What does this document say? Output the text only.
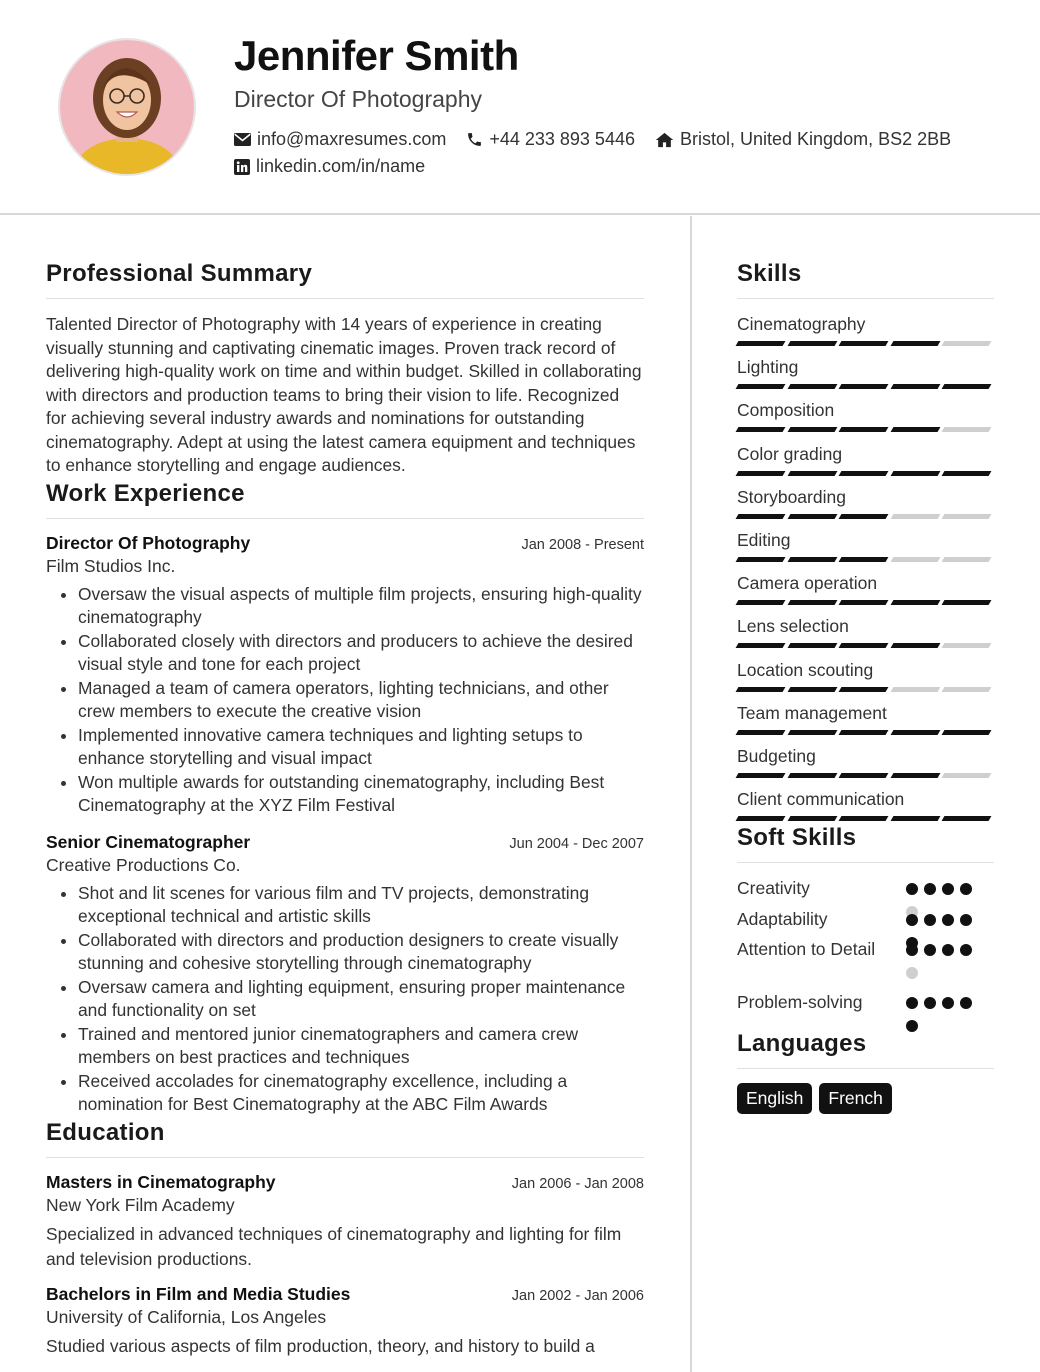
Jennifer Smith
Director Of Photography
info@maxresumes.com +44 233 893 5446	Bristol, United Kingdom, BS2 2BB
linkedin.com/in/name
Professional Summary

Talented Director of Photography with 14 years of experience in creating visually stunning and captivating cinematic images. Proven track record of delivering high-quality work on time and within budget. Skilled in collaborating with directors and production teams to bring their vision to life. Recognized for achieving several industry awards and nominations for outstanding cinematography. Adept at using the latest camera equipment and techniques to enhance storytelling and engage audiences.

Work Experience
Director Of Photography	Jan 2008 - Present
Film Studios Inc.
• Oversaw the visual aspects of multiple film projects, ensuring high-quality cinematography
• Collaborated closely with directors and producers to achieve the desired visual style and tone for each project
• Managed a team of camera operators, lighting technicians, and other crew members to execute the creative vision
• Implemented innovative camera techniques and lighting setups to enhance storytelling and visual impact
• Won multiple awards for outstanding cinematography, including Best Cinematography at the XYZ Film Festival
Senior Cinematographer	Jun 2004 - Dec 2007
Creative Productions Co.
• Shot and lit scenes for various film and TV projects, demonstrating exceptional technical and artistic skills
• Collaborated with directors and production designers to create visually stunning and cohesive storytelling through cinematography
• Oversaw camera and lighting equipment, ensuring proper maintenance and functionality on set
• Trained and mentored junior cinematographers and camera crew members on best practices and techniques
• Received accolades for cinematography excellence, including a nomination for Best Cinematography at the ABC Film Awards
Education
Masters in Cinematography	Jan 2006 - Jan 2008
New York Film Academy

Specialized in advanced techniques of cinematography and lighting for film and television productions.

Bachelors in Film and Media Studies	Jan 2002 - Jan 2006
University of California, Los Angeles

Studied various aspects of film production, theory, and history to build a

Skills
Cinematography
Lighting
Composition
Color grading
Storyboarding
Editing
Camera operation
Lens selection
Location scouting
Team management
Budgeting
Client communication
Soft Skills
Creativity
Adaptability
Attention to Detail
Problem-solving
Languages
English	French
